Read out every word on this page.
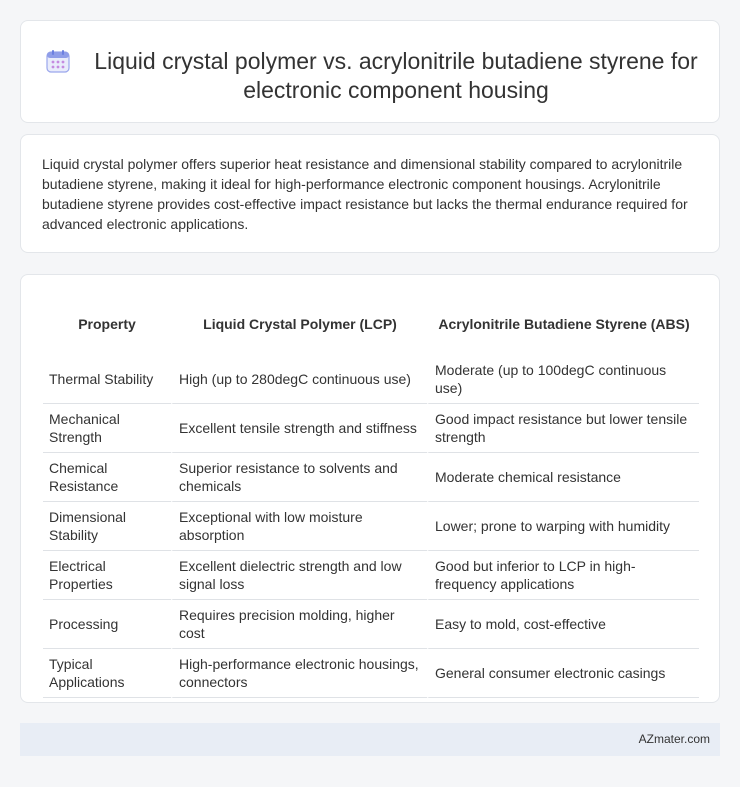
Liquid crystal polymer vs. acrylonitrile butadiene styrene for electronic component housing

Liquid crystal polymer offers superior heat resistance and dimensional stability compared to acrylonitrile butadiene styrene, making it ideal for high-performance electronic component housings. Acrylonitrile butadiene styrene provides cost-effective impact resistance but lacks the thermal endurance required for advanced electronic applications.

Property	Liquid Crystal Polymer (LCP)	Acrylonitrile Butadiene Styrene (ABS)
Thermal Stability	High (up to 280degC continuous use)	Moderate (up to 100degC continuous use)
Mechanical Strength	Excellent tensile strength and stiffness	Good impact resistance but lower tensile strength
Chemical Resistance	Superior resistance to solvents and chemicals	Moderate chemical resistance
Dimensional Stability	Exceptional with low moisture absorption	Lower; prone to warping with humidity
Electrical Properties	Excellent dielectric strength and low signal loss	Good but inferior to LCP in high-frequency applications
Processing	Requires precision molding, higher cost	Easy to mold, cost-effective
Typical Applications	High-performance electronic housings, connectors	General consumer electronic casings
AZmater.com
